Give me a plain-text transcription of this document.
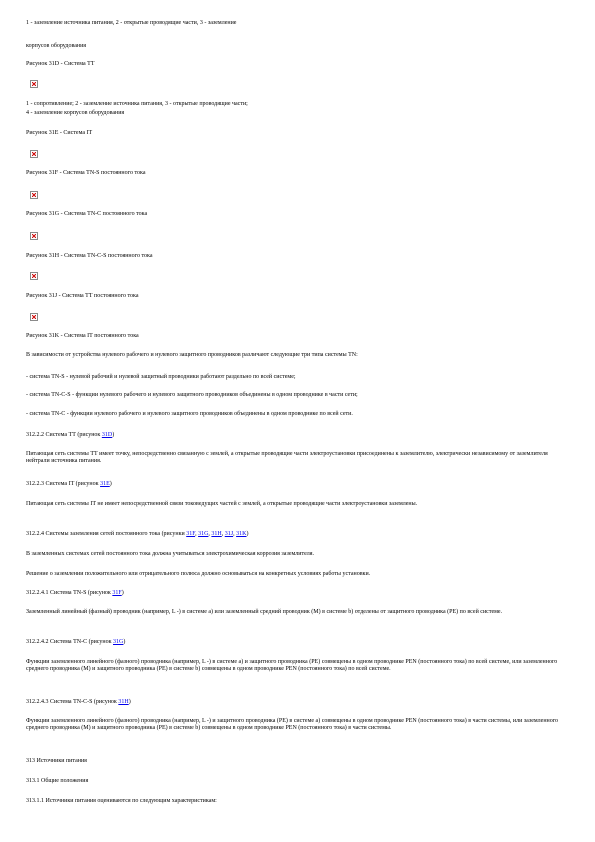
1 - заземление источника питания, 2 - открытые проводящие части, 3 - заземление
корпусов оборудования
Рисунок 31D - Система ТТ
1 - сопротивление; 2 - заземление источника питания, 3 - открытые проводящие части;
4 - заземление корпусов оборудования
Рисунок 31E - Система IT
Рисунок 31F - Система TN-S постоянного тока
Рисунок 31G - Система TN-C постоянного тока
Рисунок 31H - Система TN-C-S постоянного тока
Рисунок 31J - Система ТТ постоянного тока
Рисунок 31K - Система IT постоянного тока
В зависимости от устройства нулевого рабочего и нулевого защитного проводников различают следующие три типа системы TN:
- система TN-S - нулевой рабочий и нулевой защитный проводники работают раздельно по всей системе;
- система TN-C-S - функции нулевого рабочего и нулевого защитного проводников объединены в одном проводнике в части сети;
- система TN-C - функции нулевого рабочего и нулевого защитного проводников объединены в одном проводнике по всей сети.
312.2.2 Система ТТ (рисунок 31D)
Питающая сеть системы ТТ имеет точку, непосредственно связанную с землей, а открытые проводящие части электроустановки присоединены к заземлителю, электрически независимому от заземлителя нейтрали источника питания.
312.2.3 Система IT (рисунок 31E)
Питающая сеть системы IT не имеет непосредственной связи токоведущих частей с землей, а открытые проводящие части электроустановки заземлены.
312.2.4 Системы заземления сетей постоянного тока (рисунки 31F, 31G, 31H, 31J, 31K)
В заземленных системах сетей постоянного тока должна учитываться электрохимическая коррозия заземлителя.
Решение о заземлении положительного или отрицательного полюса должно основываться на конкретных условиях работы установки.
312.2.4.1 Система TN-S (рисунок 31F)
Заземленный линейный (фазный) проводник (например, L -) в системе a) или заземленный средний проводник (M) в системе b) отделены от защитного проводника (РЕ) по всей системе.
312.2.4.2 Система TN-C (рисунок 31G)
Функции заземленного линейного (фазного) проводника (например, L -) в системе a) и защитного проводника (РЕ) совмещены в одном проводнике PEN (постоянного тока) по всей системе, или заземленного среднего проводника (M) и защитного проводника (РЕ) в системе b) совмещены в одном проводнике PEN (постоянного тока) по всей системе.
312.2.4.3 Система TN-C-S (рисунок 31H)
Функции заземленного линейного (фазного) проводника (например, L -) и защитного проводника (РЕ) в системе a) совмещены в одном проводнике PEN (постоянного тока) в части системы, или заземленного среднего проводника (M) и защитного проводника (РЕ) в системе b) совмещены в одном проводнике PEN (постоянного тока) в части системы.
313 Источники питания
313.1 Общие положения
313.1.1 Источники питания оцениваются по следующим характеристикам:
